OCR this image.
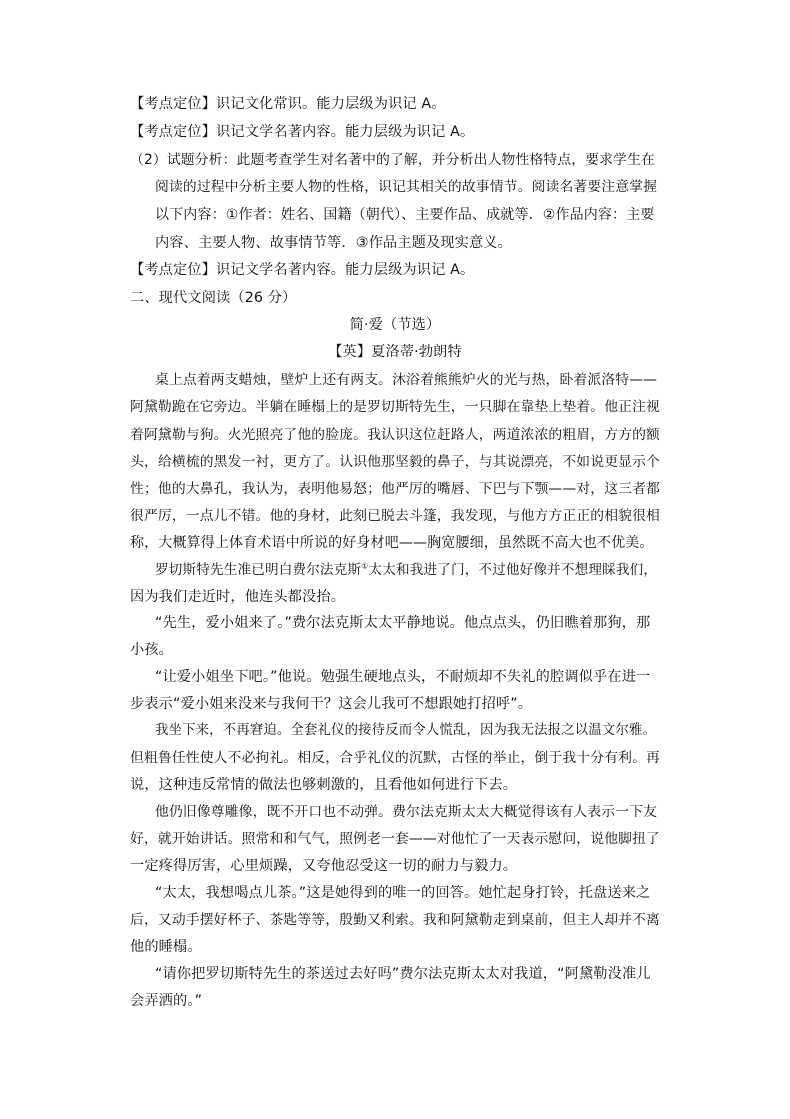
【考点定位】识记文化常识。能力层级为识记 A。
【考点定位】识记文学名著内容。能力层级为识记 A。
（2）试题分析：此题考查学生对名著中的了解，并分析出人物性格特点，要求学生在
阅读的过程中分析主要人物的性格，识记其相关的故事情节。阅读名著要注意掌握
以下内容：①作者：姓名、国籍（朝代）、主要作品、成就等．②作品内容：主要
内容、主要人物、故事情节等．③作品主题及现实意义。
【考点定位】识记文学名著内容。能力层级为识记 A。
二、现代文阅读（26 分）
简·爱（节选）
【英】夏洛蒂·勃朗特
桌上点着两支蜡烛，壁炉上还有两支。沐浴着熊熊炉火的光与热，卧着派洛特——
阿黛勒跪在它旁边。半躺在睡榻上的是罗切斯特先生，一只脚在靠垫上垫着。他正注视
着阿黛勒与狗。火光照亮了他的脸庞。我认识这位赶路人，两道浓浓的粗眉，方方的额
头，给横梳的黑发一衬，更方了。认识他那坚毅的鼻子，与其说漂亮，不如说更显示个
性；他的大鼻孔，我认为，表明他易怒；他严厉的嘴唇、下巴与下颚——对，这三者都
很严厉，一点儿不错。他的身材，此刻已脱去斗篷，我发现，与他方方正正的相貌很相
称，大概算得上体育术语中所说的好身材吧——胸宽腰细，虽然既不高大也不优美。
罗切斯特先生准已明白费尔法克斯①太太和我进了门，不过他好像并不想理睬我们，
因为我们走近时，他连头都没抬。
“先生，爱小姐来了。”费尔法克斯太太平静地说。他点点头，仍旧瞧着那狗，那
小孩。
“让爱小姐坐下吧。”他说。勉强生硬地点头，不耐烦却不失礼的腔调似乎在进一
步表示“爱小姐来没来与我何干？这会儿我可不想跟她打招呼”。
我坐下来，不再窘迫。全套礼仪的接待反而令人慌乱，因为我无法报之以温文尔雅。
但粗鲁任性使人不必拘礼。相反，合乎礼仪的沉默，古怪的举止，倒于我十分有利。再
说，这种违反常情的做法也够刺激的，且看他如何进行下去。
他仍旧像尊雕像，既不开口也不动弹。费尔法克斯太太大概觉得该有人表示一下友
好，就开始讲话。照常和和气气，照例老一套——对他忙了一天表示慰问，说他脚扭了
一定疼得厉害，心里烦躁，又夸他忍受这一切的耐力与毅力。
“太太，我想喝点儿茶。”这是她得到的唯一的回答。她忙起身打铃，托盘送来之
后，又动手摆好杯子、茶匙等等，殷勤又利索。我和阿黛勒走到桌前，但主人却并不离
他的睡榻。
“请你把罗切斯特先生的茶送过去好吗”费尔法克斯太太对我道，“阿黛勒没准儿
会弄洒的。”
